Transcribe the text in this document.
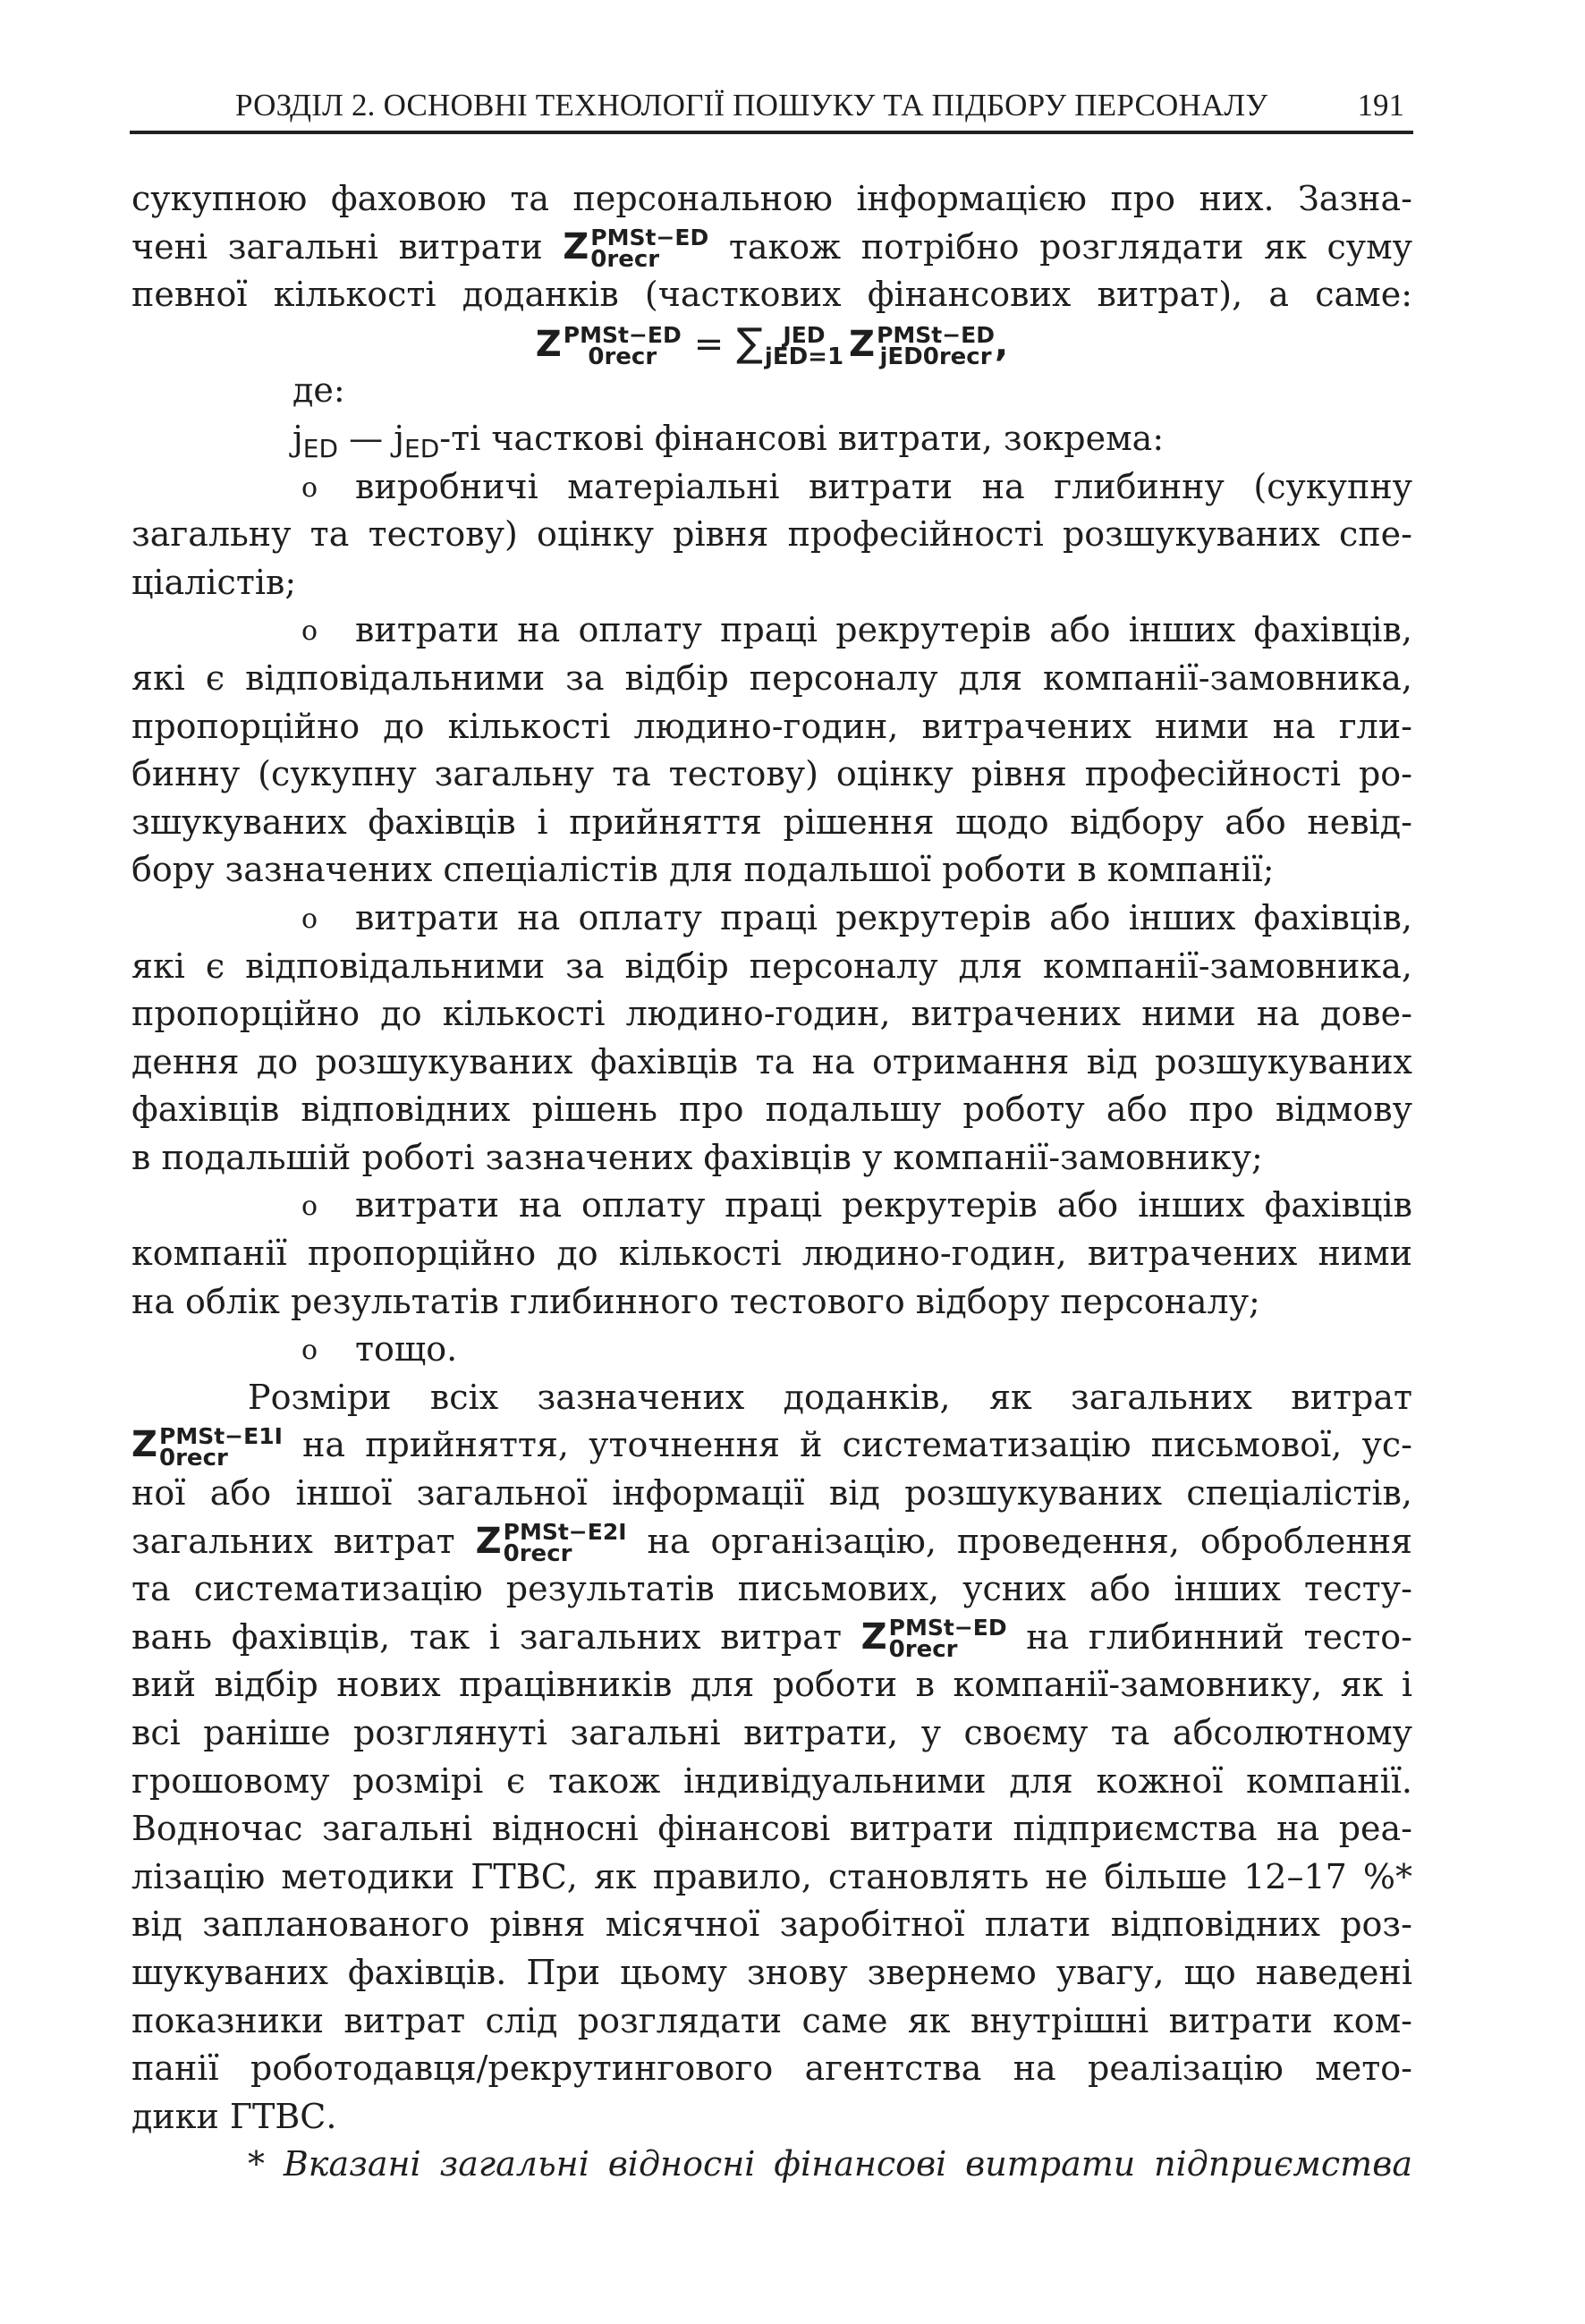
РОЗДІЛ 2. ОСНОВНІ ТЕХНОЛОГІЇ ПОШУКУ ТА ПІДБОРУ ПЕРСОНАЛУ	191
сукупною фаховою та персональною інформацією про них. Зазна-
чені загальні витрати Z PMSt−ED
0recr	також потрібно розглядати як суму
певної кількості доданків (часткових фінансових витрат), а саме:
Z PMSt−ED
0recr	= ∑ JED
jED=1 Z PMSt−ED
jED0recr ,
де:
$j_{ED}$ — $j_{ED}-ті$ часткові фінансові витрати, зокрема:
o виробничі матеріальні витрати на глибинну (сукупну
загальну та тестову) оцінку рівня професійності розшукуваних спе-
ціалістів;
o витрати на оплату праці рекрутерів або інших фахівців,
які є відповідальними за відбір персоналу для компанії-замовника,
пропорційно до кількості людино-годин, витрачених ними на гли-
бинну (сукупну загальну та тестову) оцінку рівня професійності ро-
зшукуваних фахівців і прийняття рішення щодо відбору або невід-
бору зазначених спеціалістів для подальшої роботи в компанії;
o витрати на оплату праці рекрутерів або інших фахівців,
які є відповідальними за відбір персоналу для компанії-замовника,
пропорційно до кількості людино-годин, витрачених ними на дове-
дення до розшукуваних фахівців та на отримання від розшукуваних
фахівців відповідних рішень про подальшу роботу або про відмову
в подальшій роботі зазначених фахівців у компанії-замовнику;
o витрати на оплату праці рекрутерів або інших фахівців
компанії пропорційно до кількості людино-годин, витрачених ними
на облік результатів глибинного тестового відбору персоналу;
o тощо.
Розміри всіх зазначених доданків, як загальних витрат
Z PMSt−E1I
0recr	на прийняття, уточнення й систематизацію письмової, ус-
ної або іншої загальної інформації від розшукуваних спеціалістів,
загальних витрат Z PMSt−E2I
0recr	на організацію, проведення, оброблення
та систематизацію результатів письмових, усних або інших тесту-
вань фахівців, так і загальних витрат Z PMSt−ED
0recr	на глибинний тесто-
вий відбір нових працівників для роботи в компанії-замовнику, як і
всі раніше розглянуті загальні витрати, у своєму та абсолютному
грошовому розмірі є також індивідуальними для кожної компанії.
Водночас загальні відносні фінансові витрати підприємства на реа-
лізацію методики ГТВС, як правило, становлять не більше 12–17 %*
від запланованого рівня місячної заробітної плати відповідних роз-
шукуваних фахівців. При цьому знову звернемо увагу, що наведені
показники витрат слід розглядати саме як внутрішні витрати ком-
панії роботодавця/рекрутингового агентства на реалізацію мето-
дики ГТВС.
* Вказані загальні відносні фінансові витрати підприємства
